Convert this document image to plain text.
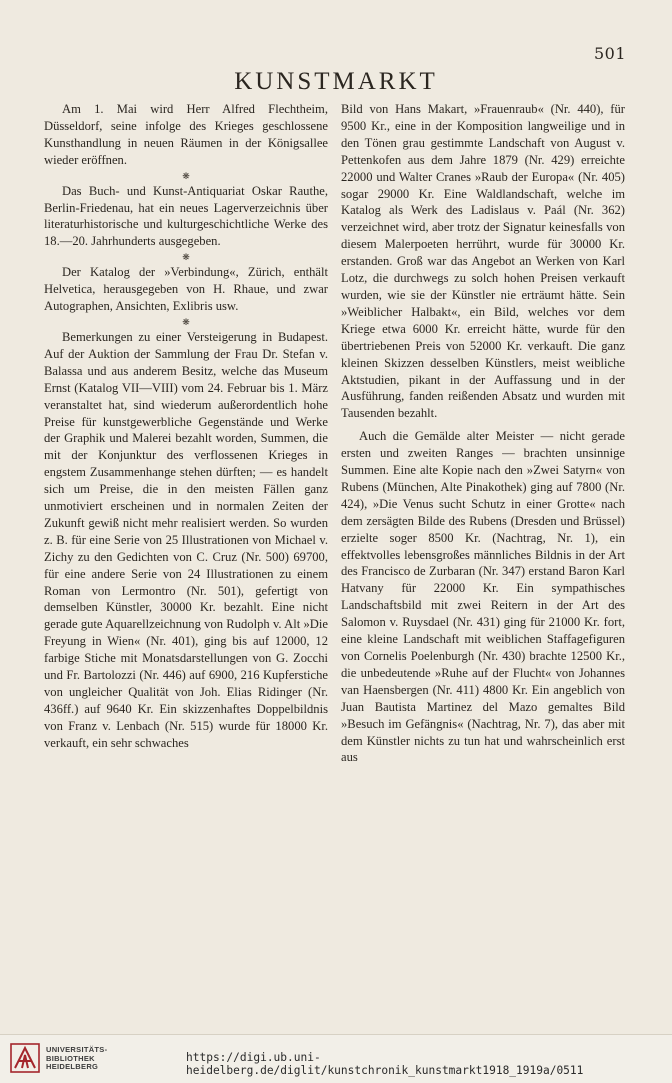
501
KUNSTMARKT

Am 1. Mai wird Herr Alfred Flechtheim, Düsseldorf, seine infolge des Krieges geschlossene Kunsthandlung in neuen Räumen in der Königsallee wieder eröffnen.

❋

Das Buch- und Kunst-Antiquariat Oskar Rauthe, Berlin-Friedenau, hat ein neues Lagerverzeichnis über literaturhistorische und kulturgeschichtliche Werke des 18.—20. Jahrhunderts ausgegeben.

❋

Der Katalog der »Verbindung«, Zürich, enthält Helvetica, herausgegeben von H. Rhaue, und zwar Autographen, Ansichten, Exlibris usw.

❋

Bemerkungen zu einer Versteigerung in Budapest. Auf der Auktion der Sammlung der Frau Dr. Stefan v. Balassa und aus anderem Besitz, welche das Museum Ernst (Katalog VII—VIII) vom 24. Februar bis 1. März veranstaltet hat, sind wiederum außerordentlich hohe Preise für kunstgewerbliche Gegenstände und Werke der Graphik und Malerei bezahlt worden, Summen, die mit der Konjunktur des verflossenen Krieges in engstem Zusammenhange stehen dürften; — es handelt sich um Preise, die in den meisten Fällen ganz unmotiviert erscheinen und in normalen Zeiten der Zukunft gewiß nicht mehr realisiert werden. So wurden z. B. für eine Serie von 25 Illustrationen von Michael v. Zichy zu den Gedichten von C. Cruz (Nr. 500) 69700, für eine andere Serie von 24 Illustrationen zu einem Roman von Lermontro (Nr. 501), gefertigt von demselben Künstler, 30000 Kr. bezahlt. Eine nicht gerade gute Aquarellzeichnung von Rudolph v. Alt »Die Freyung in Wien« (Nr. 401), ging bis auf 12000, 12 farbige Stiche mit Monatsdarstellungen von G. Zocchi und Fr. Bartolozzi (Nr. 446) auf 6900, 216 Kupferstiche von ungleicher Qualität von Joh. Elias Ridinger (Nr. 436ff.) auf 9640 Kr. Ein skizzenhaftes Doppelbildnis von Franz v. Lenbach (Nr. 515) wurde für 18000 Kr. verkauft, ein sehr schwaches

Bild von Hans Makart, »Frauenraub« (Nr. 440), für 9500 Kr., eine in der Komposition langweilige und in den Tönen grau gestimmte Landschaft von August v. Pettenkofen aus dem Jahre 1879 (Nr. 429) erreichte 22000 und Walter Cranes »Raub der Europa« (Nr. 405) sogar 29000 Kr. Eine Waldlandschaft, welche im Katalog als Werk des Ladislaus v. Paál (Nr. 362) verzeichnet wird, aber trotz der Signatur keinesfalls von diesem Malerpoeten herrührt, wurde für 30000 Kr. erstanden. Groß war das Angebot an Werken von Karl Lotz, die durchwegs zu solch hohen Preisen verkauft wurden, wie sie der Künstler nie erträumt hätte. Sein »Weiblicher Halbakt«, ein Bild, welches vor dem Kriege etwa 6000 Kr. erreicht hätte, wurde für den übertriebenen Preis von 52000 Kr. verkauft. Die ganz kleinen Skizzen desselben Künstlers, meist weibliche Aktstudien, pikant in der Auffassung und in der Ausführung, fanden reißenden Absatz und wurden mit Tausenden bezahlt.

Auch die Gemälde alter Meister — nicht gerade ersten und zweiten Ranges — brachten unsinnige Summen. Eine alte Kopie nach den »Zwei Satyrn« von Rubens (München, Alte Pinakothek) ging auf 7800 (Nr. 424), »Die Venus sucht Schutz in einer Grotte« nach dem zersägten Bilde des Rubens (Dresden und Brüssel) erzielte soger 8500 Kr. (Nachtrag, Nr. 1), ein effektvolles lebensgroßes männliches Bildnis in der Art des Francisco de Zurbaran (Nr. 347) erstand Baron Karl Hatvany für 22000 Kr. Ein sympathisches Landschaftsbild mit zwei Reitern in der Art des Salomon v. Ruysdael (Nr. 431) ging für 21000 Kr. fort, eine kleine Landschaft mit weiblichen Staffagefiguren von Cornelis Poelenburgh (Nr. 430) brachte 12500 Kr., die unbedeutende »Ruhe auf der Flucht« von Johannes van Haensbergen (Nr. 411) 4800 Kr. Ein angeblich von Juan Bautista Martinez del Mazo gemaltes Bild »Besuch im Gefängnis« (Nachtrag, Nr. 7), das aber mit dem Künstler nichts zu tun hat und wahrscheinlich erst aus

UNIVERSITÄTS-
BIBLIOTHEK
HEIDELBERG
https://digi.ub.uni-heidelberg.de/diglit/kunstchronik_kunstmarkt1918_1919a/0511
